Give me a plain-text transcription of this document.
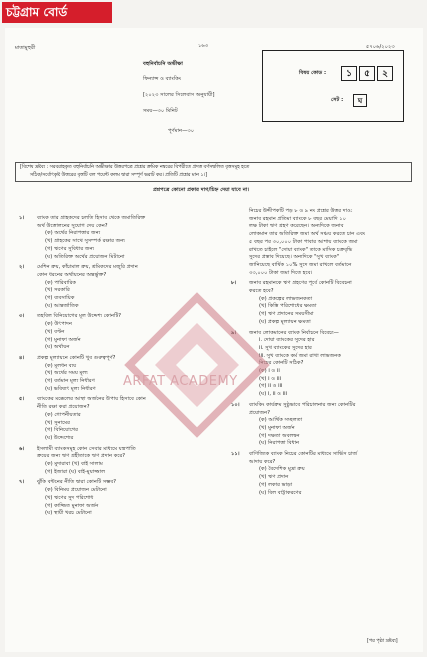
চট্টগ্রাম বোর্ড
মাতামুহুরী	১৬৩	৫৭০৬/২০২৩
বহুনির্বাচনি অভীক্ষা
ফিন্যান্স ও ব্যাংকিং
[২০২৩ সালের সিলেবাস অনুযায়ী]
সময়—৩০ মিনিট
পূর্ণমান—৩০
বিষয় কোড :	১	৫	২
সেট :	ঘ
[বিশেষ দ্রষ্টব্য : সরবরাহকৃত বহুনির্বাচনি অভীক্ষার উত্তরপত্রে প্রশ্নের ক্রমিক নম্বরের বিপরীতে প্রদত্ত বর্ণসম্বলিত বৃত্তসমূহ হতে
সঠিক/সর্বোৎকৃষ্ট উত্তরের বৃত্তটি বল পয়েন্ট কলম দ্বারা সম্পূর্ণ ভরাট কর। প্রতিটি প্রশ্নের মান ১।]
প্রশ্নপত্রে কোনো প্রকার দাগ/চিহ্ন দেয়া যাবে না।
১। ব্যাংক তার গ্রাহকদের চলতি হিসাব থেকে জমাতিরিক্ত
অর্থ উত্তোলনের সুযোগ দেয় কেন?
(ক) অর্থের নিরাপত্তার জন্য
(খ) গ্রাহকের সাথে সুসম্পর্ক রক্ষার জন্য
(গ) ঋণের সুবিধার জন্য
(ঘ) অতিরিক্ত অর্থের প্রয়োজন মিটানো
২। মেশিন ক্রয়, কাঁচামাল ক্রয়, শ্রমিকদের মজুরি প্রদান
কোন ধরনের অর্থায়নের অন্তর্ভুক্ত?
(ক) পারিবারিক
(খ) সরকারি
(গ) ব্যবসায়িক
(ঘ) আন্তর্জাতিক
৩। তহবিল বিনিয়োগের মূল উদ্দেশ্য কোনটি?
(ক) উৎপাদন
(খ) বণ্টন
(গ) মুনাফা অর্জন
(ঘ) অর্থায়ন
৪। প্রকল্প মূল্যায়নে কোনটি খুব গুরুত্বপূর্ণ?
(ক) মূলধন ব্যয়
(খ) অর্থের সময় মূল্য
(গ) বর্তমান মূল্য নির্ধারণ
(ঘ) ভবিষ্যৎ মূল্য নির্ধারণ
৫। ব্যাংকের মক্কেলের আস্থা অর্জনের উপায় হিসাবে কোন
নীতি রক্ষা করা প্রয়োজন?
(ক) গোপনীয়তার
(খ) সুনামের
(গ) বিনিয়োগের
(ঘ) উদ্দেশ্যের
৬। ইসলামী ব্যাংকসমূহ কোন সেবার মাধ্যমে যন্ত্রপাতি
ক্রয়ের জন্য ঋণ গ্রহীতাকে ঋণ প্রদান করে?
(ক) মুদারাবা (খ) বাই সালাম
(গ) ইজারা (ঘ) বাই-মুয়াজ্জাল
৭। ঝুঁকি বন্টনের নীতি দ্বারা কোনটি সম্ভব?
(ক) বিনিময় প্রয়োজন মেটানো
(খ) ঋণের সুদ পরিশোধ
(গ) কাজ্জিত মুনাফা অর্জন
(ঘ) স্থায়ী খরচ মেটানো
নিচের উদ্দীপকটি পড় ৮ ও ৯ নং প্রশ্নের উত্তর দাও:
জনাব রহমান প্রতিমা ব্যাংকে ৮ বছর মেয়াদি ১০
লক্ষ টাকা ঋণ গ্রহণ করেছেন। অন্যদিকে জনাব
লোকমান তার অতিরিক্ত জমা অর্থ সঞ্চয় করতে চান এবং
৫ বছর পর ৩০,০০০ টাকা পাবার আশায় ব্যাংকে জমা
রাখতে চাইলে "দোয়া ব্যাংক" তাকে মাসিক চক্রবৃদ্ধি
সুদের প্রস্তাব দিয়েছে। অন্যদিকে "সুখ ব্যাংক"
জানিয়েছে বার্ষিক ১০% সুদে জমা রাখলে বর্তমানে
৩৩,০০০ টাকা জমা দিতে হবে।
৮। জনাব রহমানকে ঋণ গ্রহণের পূর্বে কোনটি বিবেচনা
করতে হবে?
(ক) প্রকল্পের লাভজনকতা
(খ) কিস্তি পরিশোধের ক্ষমতা
(গ) ঋণ প্রদানের সময়সীমা
(ঘ) প্রকল্প মূল্যায়ন ক্ষমতা
৯। জনাব লোকমানের ব্যাংক নির্বাচনে বিবেচ্য—
i. দোয়া ব্যাংকের সুদের হার
ii. সুখ ব্যাংকের সুদের হার
iii. সুখ ব্যাংকে কর্ম জমা রাখা লাভজনক
নিচের কোনটি সঠিক?
(ক) i ও ii
(খ) i ও iii
(গ) ii ও iii
(ঘ) i, ii ও iii
১০। ব্যাংকিং কার্যক্রম সুষ্ঠুভাবে পরিচালনার জন্য কোনটির
প্রয়োজন?
(ক) আর্থিক সচ্ছলতা
(খ) মুনাফা অর্জন
(গ) দক্ষতা অবলম্বন
(ঘ) নিরাপত্তা বিধান
১১। বাণিজ্যিক ব্যাংক নিচের কোনটির মাধ্যমে সার্ভিস চার্জ
আদায় করে?
(ক) বৈদেশিক মুদ্রা ক্রয়
(খ) ঋণ প্রদান
(গ) লকার ভাড়া
(ঘ) বিল বাট্টাকরণের
[পর পৃষ্ঠা দ্রষ্টব্য]
ARFAT ACADEMY
